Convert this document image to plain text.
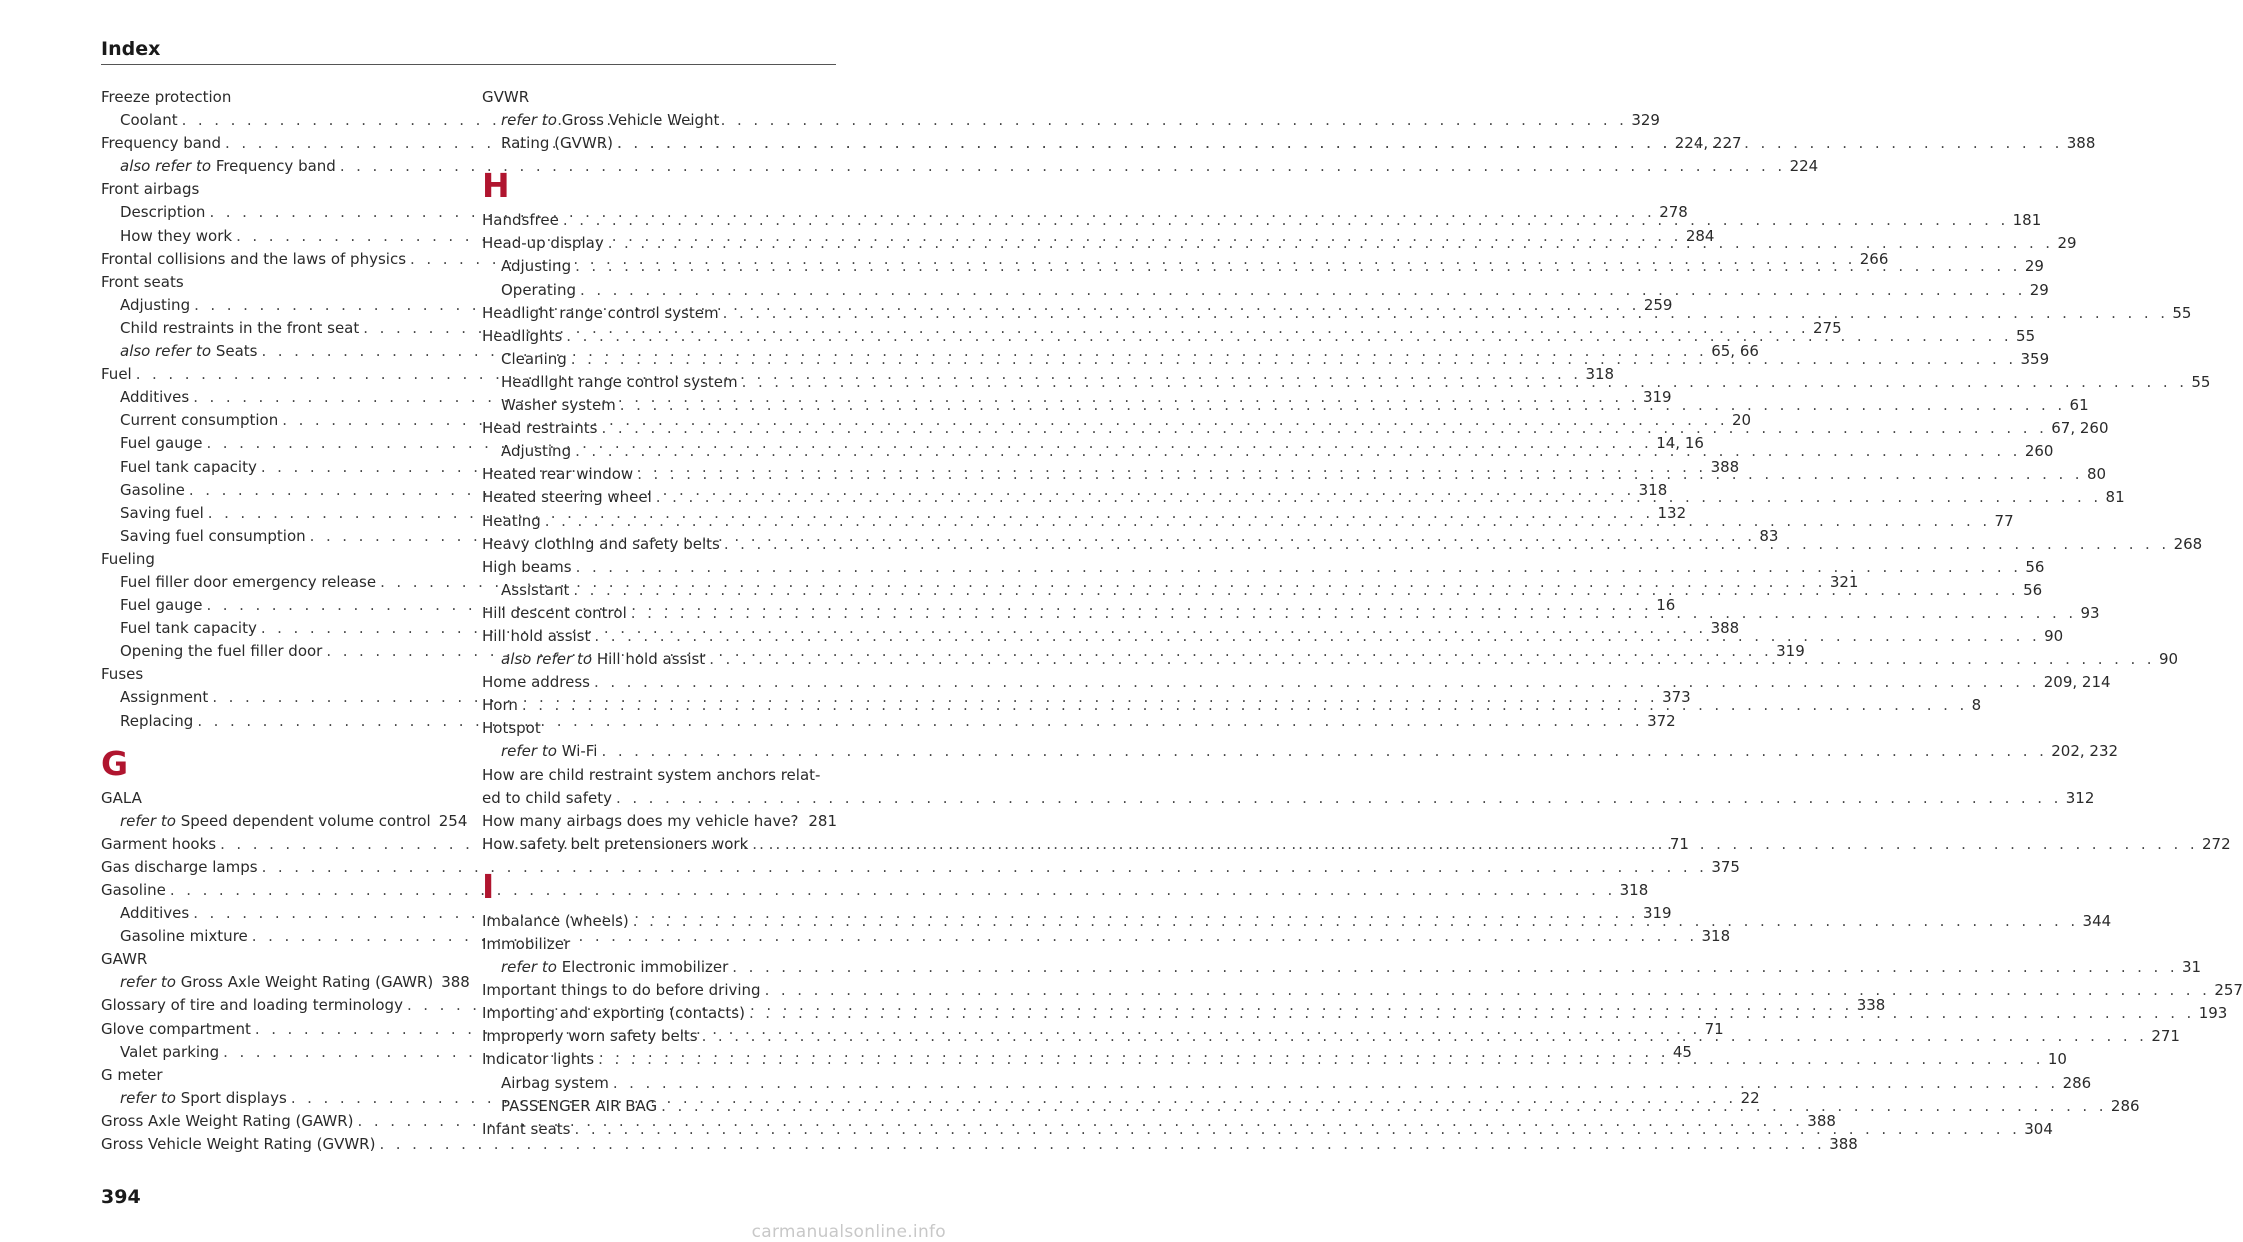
Index
Freeze protection
Coolant . . .	329
Frequency band . . .	224, 227
also refer to Frequency band . . .	224
Front airbags
Description . . .	278
How they work . . .	284
Frontal collisions and the laws of physics . . .	266
Front seats
Adjusting . . .	259
Child restraints in the front seat . . .	275
also refer to Seats . . .	65, 66
Fuel . . .	318
Additives . . .	319
Current consumption . . .	20
Fuel gauge . . .	14, 16
Fuel tank capacity . . .	388
Gasoline . . .	318
Saving fuel . . .	132
Saving fuel consumption . . .	83
Fueling
Fuel filler door emergency release . . .	321
Fuel gauge . . .	16
Fuel tank capacity . . .	388
Opening the fuel filler door . . .	319
Fuses
Assignment . . .	373
Replacing . . .	372
G
GALA
refer to Speed dependent volume control 254
Garment hooks . . .	71
Gas discharge lamps . . .	375
Gasoline . . .	318
Additives . . .	319
Gasoline mixture . . .	318
GAWR
refer to Gross Axle Weight Rating (GAWR) 388
Glossary of tire and loading terminology . . .	338
Glove compartment . . .	71
Valet parking . . .	45
G meter
refer to Sport displays . . .	22
Gross Axle Weight Rating (GAWR) . . .	388
Gross Vehicle Weight Rating (GVWR) . . .	388
GVWR
refer to Gross Vehicle Weight
Rating (GVWR) . . .	388
H
Handsfree . . .	181
Head-up display . . .	29
Adjusting . . .	29
Operating . . .	29
Headlight range control system . . .	55
Headlights . . .	55
Cleaning . . .	359
Headlight range control system . . .	55
Washer system . . .	61
Head restraints . . .	67, 260
Adjusting . . .	260
Heated rear window . . .	80
Heated steering wheel . . .	81
Heating . . .	77
Heavy clothing and safety belts . . .	268
High beams . . .	56
Assistant . . .	56
Hill descent control . . .	93
Hill hold assist . . .	90
also refer to Hill hold assist . . .	90
Home address . . .	209, 214
Horn . . .	8
Hotspot
refer to Wi-Fi . . .	202, 232
How are child restraint system anchors relat-
ed to child safety . . .	312
How many airbags does my vehicle have? . . . 281
How safety belt pretensioners work . . .	272
I
Imbalance (wheels) . . .	344
Immobilizer
refer to Electronic immobilizer . . .	31
Important things to do before driving . . .	257
Importing and exporting (contacts) . . .	193
Improperly worn safety belts . . .	271
Indicator lights . . .	10
Airbag system . . .	286
PASSENGER AIR BAG . . .	286
Infant seats . . .	304
394
carmanualsonline.info
